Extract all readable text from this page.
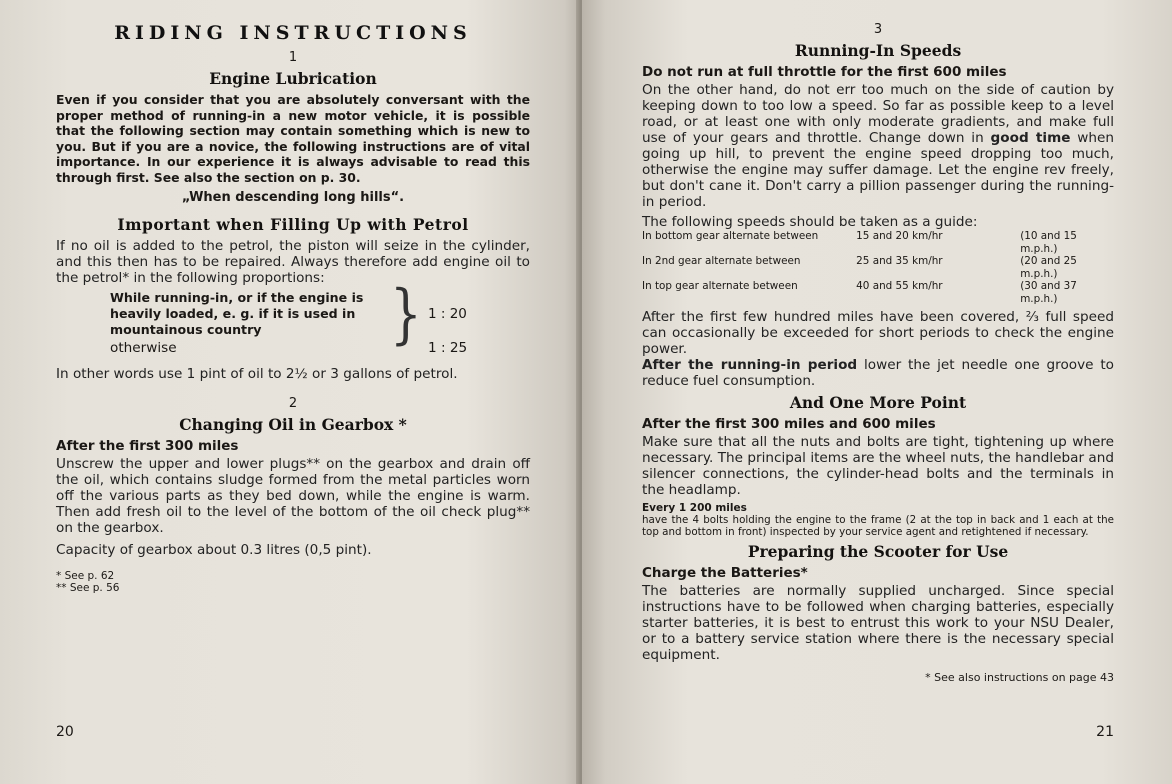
RIDING INSTRUCTIONS
1
Engine Lubrication
Even if you consider that you are absolutely conversant with the proper method of running-in a new motor vehicle, it is possible that the following section may contain something which is new to you. But if you are a novice, the following instructions are of vital importance. In our experience it is always advisable to read this through first. See also the section on p. 30.
„When descending long hills“.
Important when Filling Up with Petrol
If no oil is added to the petrol, the piston will seize in the cylinder, and this then has to be repaired. Always therefore add engine oil to the petrol* in the following proportions:
While running-in, or if the engine is heavily loaded, e. g. if it is used in mountainous country	} 1 : 20
otherwise	1 : 25
In other words use 1 pint of oil to 2½ or 3 gallons of petrol.
2
Changing Oil in Gearbox *
After the first 300 miles
Unscrew the upper and lower plugs** on the gearbox and drain off the oil, which contains sludge formed from the metal particles worn off the various parts as they bed down, while the engine is warm. Then add fresh oil to the level of the bottom of the oil check plug** on the gearbox.
Capacity of gearbox about 0.3 litres (0,5 pint).
* See p. 62
** See p. 56
20
3
Running-In Speeds
Do not run at full throttle for the first 600 miles
On the other hand, do not err too much on the side of caution by keeping down to too low a speed. So far as possible keep to a level road, or at least one with only moderate gradients, and make full use of your gears and throttle. Change down in good time when going up hill, to prevent the engine speed dropping too much, otherwise the engine may suffer damage. Let the engine rev freely, but don't cane it. Don't carry a pillion passenger during the running-in period.
The following speeds should be taken as a guide:
In bottom gear alternate between	15 and 20 km/hr	(10 and 15 m.p.h.)
In 2nd gear alternate between	25 and 35 km/hr	(20 and 25 m.p.h.)
In top gear alternate between	40 and 55 km/hr	(30 and 37 m.p.h.)
After the first few hundred miles have been covered, ⅔ full speed can occasionally be exceeded for short periods to check the engine power.
After the running-in period lower the jet needle one groove to reduce fuel consumption.
And One More Point
After the first 300 miles and 600 miles
Make sure that all the nuts and bolts are tight, tightening up where necessary. The principal items are the wheel nuts, the handlebar and silencer connections, the cylinder-head bolts and the terminals in the headlamp.
Every 1 200 miles
have the 4 bolts holding the engine to the frame (2 at the top in back and 1 each at the top and bottom in front) inspected by your service agent and retightened if necessary.
Preparing the Scooter for Use
Charge the Batteries*
The batteries are normally supplied uncharged. Since special instructions have to be followed when charging batteries, especially starter batteries, it is best to entrust this work to your NSU Dealer, or to a battery service station where there is the necessary special equipment.
* See also instructions on page 43
21
